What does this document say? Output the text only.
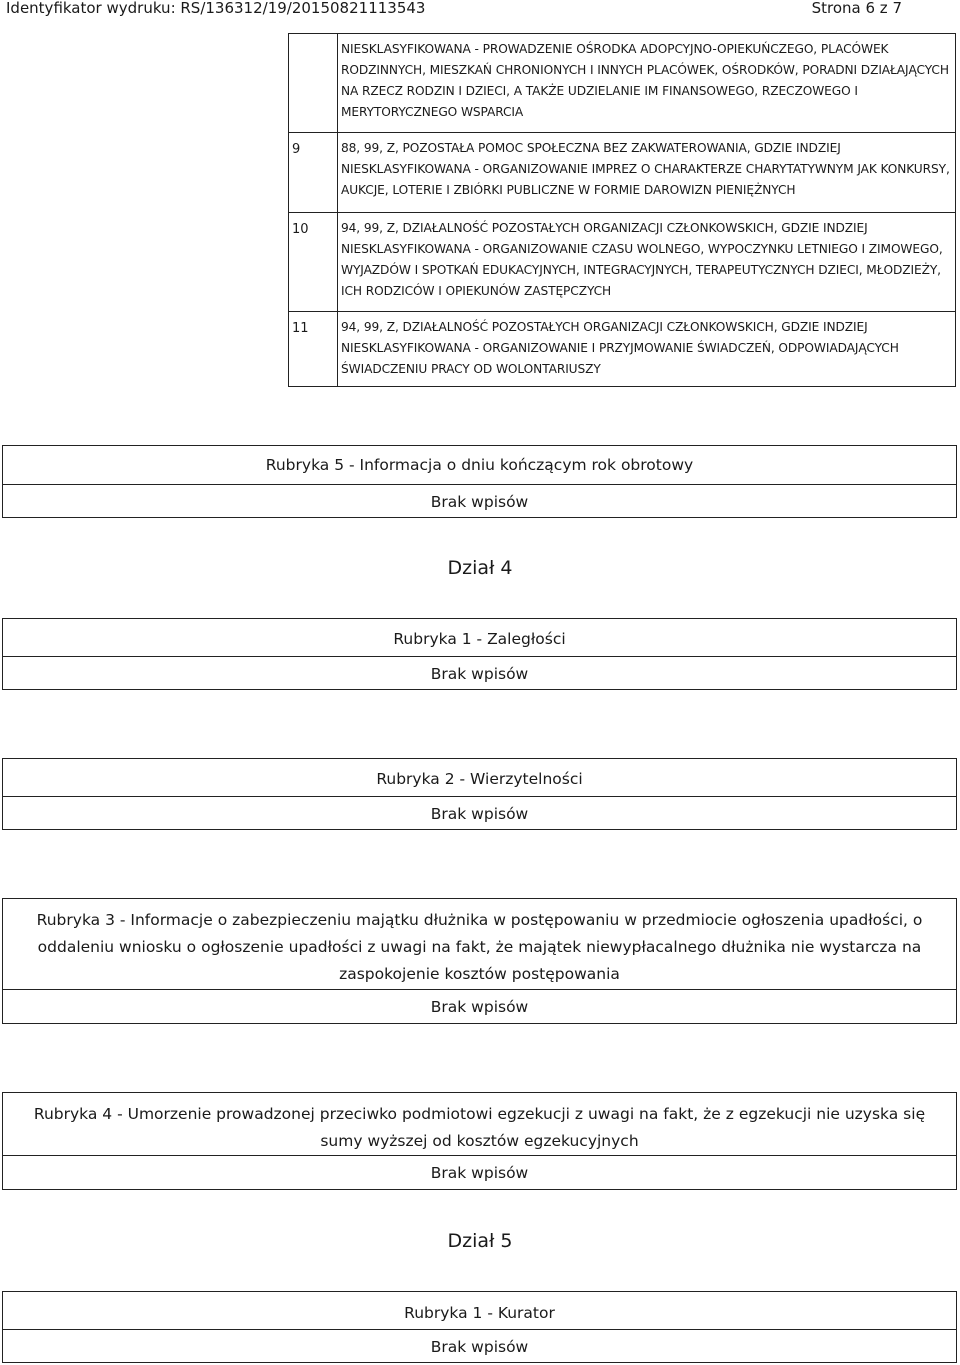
Identyfikator wydruku: RS/136312/19/20150821113543	Strona 6 z 7
	NIESKLASYFIKOWANA - PROWADZENIE OŚRODKA ADOPCYJNO-OPIEKUŃCZEGO, PLACÓWEK RODZINNYCH, MIESZKAŃ CHRONIONYCH I INNYCH PLACÓWEK, OŚRODKÓW, PORADNI DZIAŁAJĄCYCH NA RZECZ RODZIN I DZIECI, A TAKŻE UDZIELANIE IM FINANSOWEGO, RZECZOWEGO I MERYTORYCZNEGO WSPARCIA

9	88, 99, Z, POZOSTAŁA POMOC SPOŁECZNA BEZ ZAKWATEROWANIA, GDZIE INDZIEJ NIESKLASYFIKOWANA - ORGANIZOWANIE IMPREZ O CHARAKTERZE CHARYTATYWNYM JAK KONKURSY, AUKCJE, LOTERIE I ZBIÓRKI PUBLICZNE W FORMIE DAROWIZN PIENIĘŻNYCH

10	94, 99, Z, DZIAŁALNOŚĆ POZOSTAŁYCH ORGANIZACJI CZŁONKOWSKICH, GDZIE INDZIEJ NIESKLASYFIKOWANA - ORGANIZOWANIE CZASU WOLNEGO, WYPOCZYNKU LETNIEGO I ZIMOWEGO, WYJAZDÓW I SPOTKAŃ EDUKACYJNYCH, INTEGRACYJNYCH, TERAPEUTYCZNYCH DZIECI, MŁODZIEŻY, ICH RODZICÓW I OPIEKUNÓW ZASTĘPCZYCH

11	94, 99, Z, DZIAŁALNOŚĆ POZOSTAŁYCH ORGANIZACJI CZŁONKOWSKICH, GDZIE INDZIEJ NIESKLASYFIKOWANA - ORGANIZOWANIE I PRZYJMOWANIE ŚWIADCZEŃ, ODPOWIADAJĄCYCH ŚWIADCZENIU PRACY OD WOLONTARIUSZY
Rubryka 5 - Informacja o dniu kończącym rok obrotowy
Brak wpisów
Dział 4
Rubryka 1 - Zaległości
Brak wpisów
Rubryka 2 - Wierzytelności
Brak wpisów
Rubryka 3 - Informacje o zabezpieczeniu majątku dłużnika w postępowaniu w przedmiocie ogłoszenia upadłości, o oddaleniu wniosku o ogłoszenie upadłości z uwagi na fakt, że majątek niewypłacalnego dłużnika nie wystarcza na zaspokojenie kosztów postępowania
Brak wpisów
Rubryka 4 - Umorzenie prowadzonej przeciwko podmiotowi egzekucji z uwagi na fakt, że z egzekucji nie uzyska się sumy wyższej od kosztów egzekucyjnych
Brak wpisów
Dział 5
Rubryka 1 - Kurator
Brak wpisów
